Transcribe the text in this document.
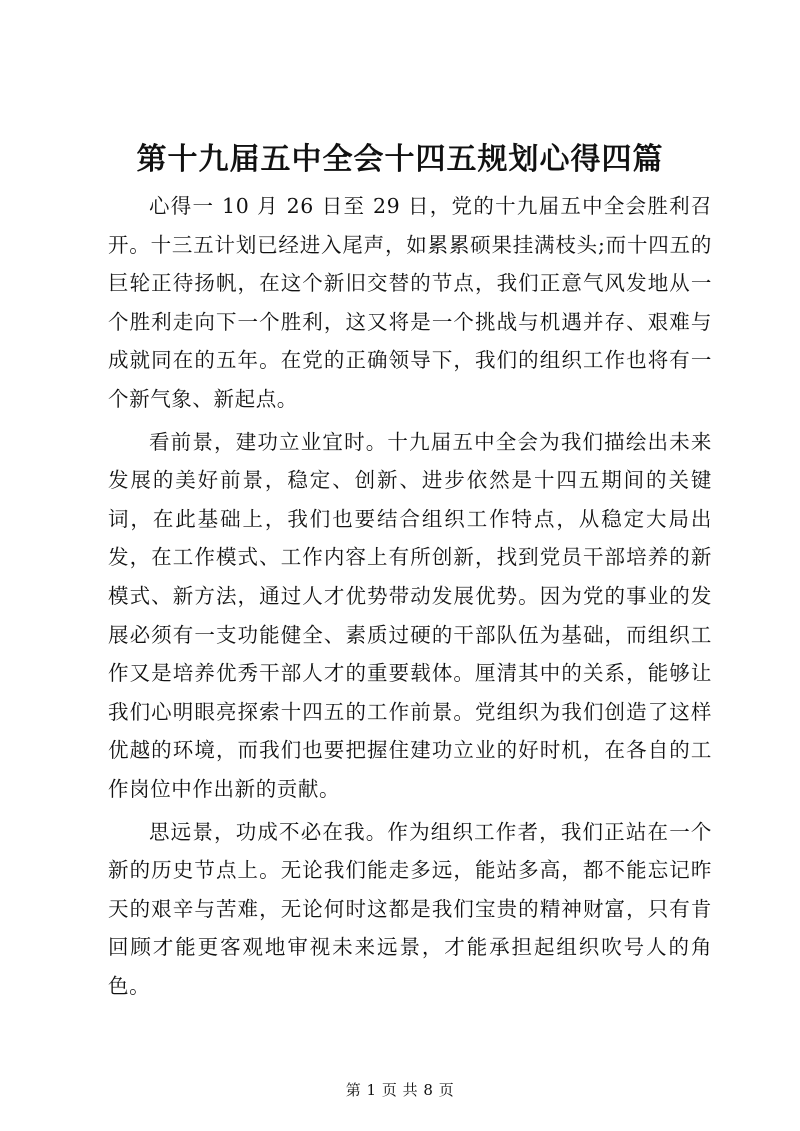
第十九届五中全会十四五规划心得四篇

心得一 10 月 26 日至 29 日，党的十九届五中全会胜利召开。十三五计划已经进入尾声，如累累硕果挂满枝头;而十四五的巨轮正待扬帆，在这个新旧交替的节点，我们正意气风发地从一个胜利走向下一个胜利，这又将是一个挑战与机遇并存、艰难与成就同在的五年。在党的正确领导下，我们的组织工作也将有一个新气象、新起点。

看前景，建功立业宜时。十九届五中全会为我们描绘出未来发展的美好前景，稳定、创新、进步依然是十四五期间的关键词，在此基础上，我们也要结合组织工作特点，从稳定大局出发，在工作模式、工作内容上有所创新，找到党员干部培养的新模式、新方法，通过人才优势带动发展优势。因为党的事业的发展必须有一支功能健全、素质过硬的干部队伍为基础，而组织工作又是培养优秀干部人才的重要载体。厘清其中的关系，能够让我们心明眼亮探索十四五的工作前景。党组织为我们创造了这样优越的环境，而我们也要把握住建功立业的好时机，在各自的工作岗位中作出新的贡献。

思远景，功成不必在我。作为组织工作者，我们正站在一个新的历史节点上。无论我们能走多远，能站多高，都不能忘记昨天的艰辛与苦难，无论何时这都是我们宝贵的精神财富，只有肯回顾才能更客观地审视未来远景，才能承担起组织吹号人的角色。

第 1 页 共 8 页
